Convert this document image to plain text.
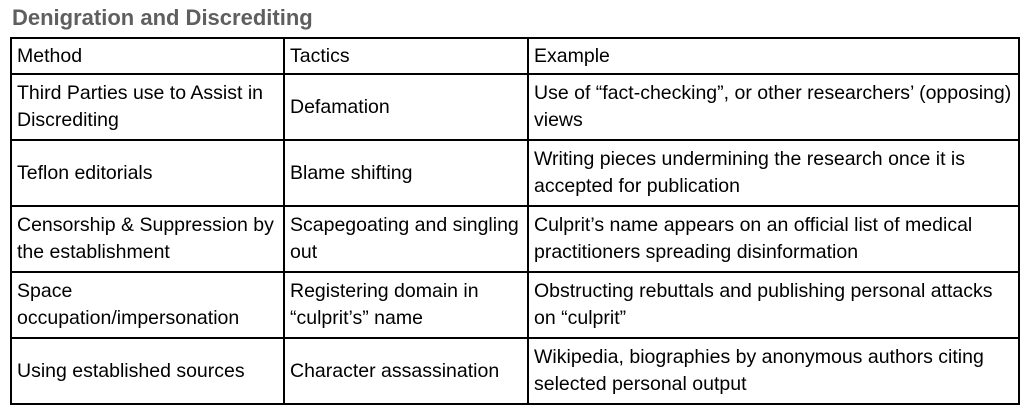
Denigration and Discrediting
Method	Tactics	Example
Third Parties use to Assist in Discrediting	Defamation	Use of “fact-checking”, or other researchers’ (opposing) views
Teflon editorials	Blame shifting	Writing pieces undermining the research once it is accepted for publication
Censorship & Suppression by the establishment	Scapegoating and singling out	Culprit’s name appears on an official list of medical practitioners spreading disinformation
Space occupation/impersonation	Registering domain in “culprit’s” name	Obstructing rebuttals and publishing personal attacks on “culprit”
Using established sources	Character assassination	Wikipedia, biographies by anonymous authors citing selected personal output
